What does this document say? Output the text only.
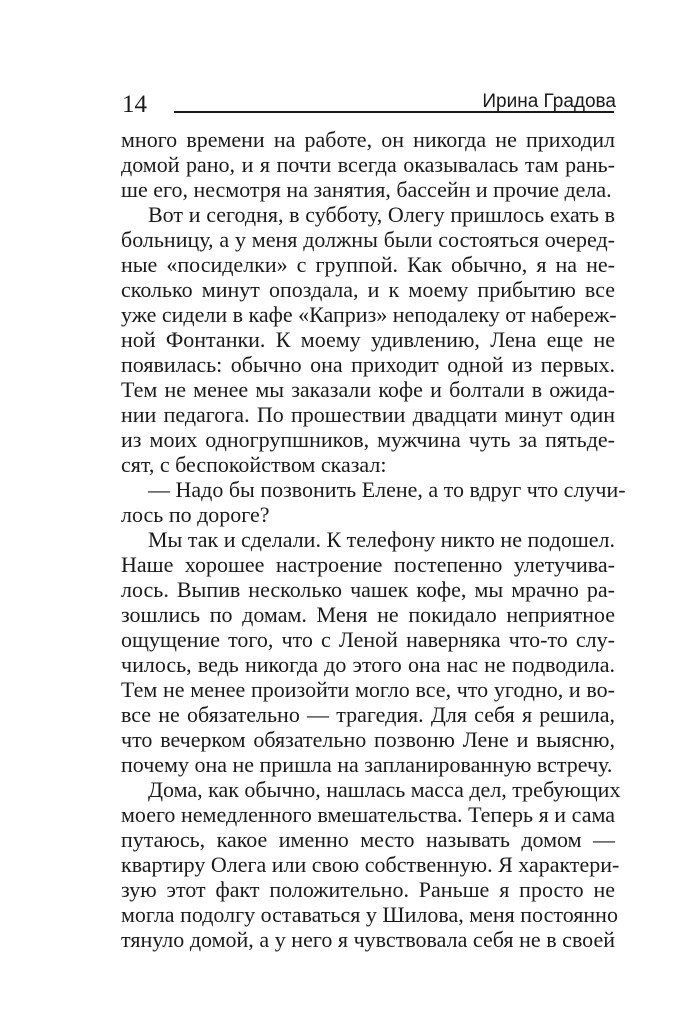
14	Ирина Градова

много времени на работе, он никогда не приходил
домой рано, и я почти всегда оказывалась там рань-
ше его, несмотря на занятия, бассейн и прочие дела.

Вот и сегодня, в субботу, Олегу пришлось ехать в
больницу, а у меня должны были состояться очеред-
ные «посиделки» с группой. Как обычно, я на не-
сколько минут опоздала, и к моему прибытию все
уже сидели в кафе «Каприз» неподалеку от набереж-
ной Фонтанки. К моему удивлению, Лена еще не
появилась: обычно она приходит одной из первых.
Тем не менее мы заказали кофе и болтали в ожида-
нии педагога. По прошествии двадцати минут один
из моих одногрупшников, мужчина чуть за пятьде-
сят, с беспокойством сказал:

— Надо бы позвонить Елене, а то вдруг что случи-
лось по дороге?

Мы так и сделали. К телефону никто не подошел.
Наше хорошее настроение постепенно улетучива-
лось. Выпив несколько чашек кофе, мы мрачно ра-
зошлись по домам. Меня не покидало неприятное
ощущение того, что с Леной наверняка что-то слу-
чилось, ведь никогда до этого она нас не подводила.
Тем не менее произойти могло все, что угодно, и во-
все не обязательно — трагедия. Для себя я решила,
что вечерком обязательно позвоню Лене и выясню,
почему она не пришла на запланированную встречу.

Дома, как обычно, нашлась масса дел, требующих
моего немедленного вмешательства. Теперь я и сама
путаюсь, какое именно место называть домом —
квартиру Олега или свою собственную. Я характери-
зую этот факт положительно. Раньше я просто не
могла подолгу оставаться у Шилова, меня постоянно
тянуло домой, а у него я чувствовала себя не в своей
